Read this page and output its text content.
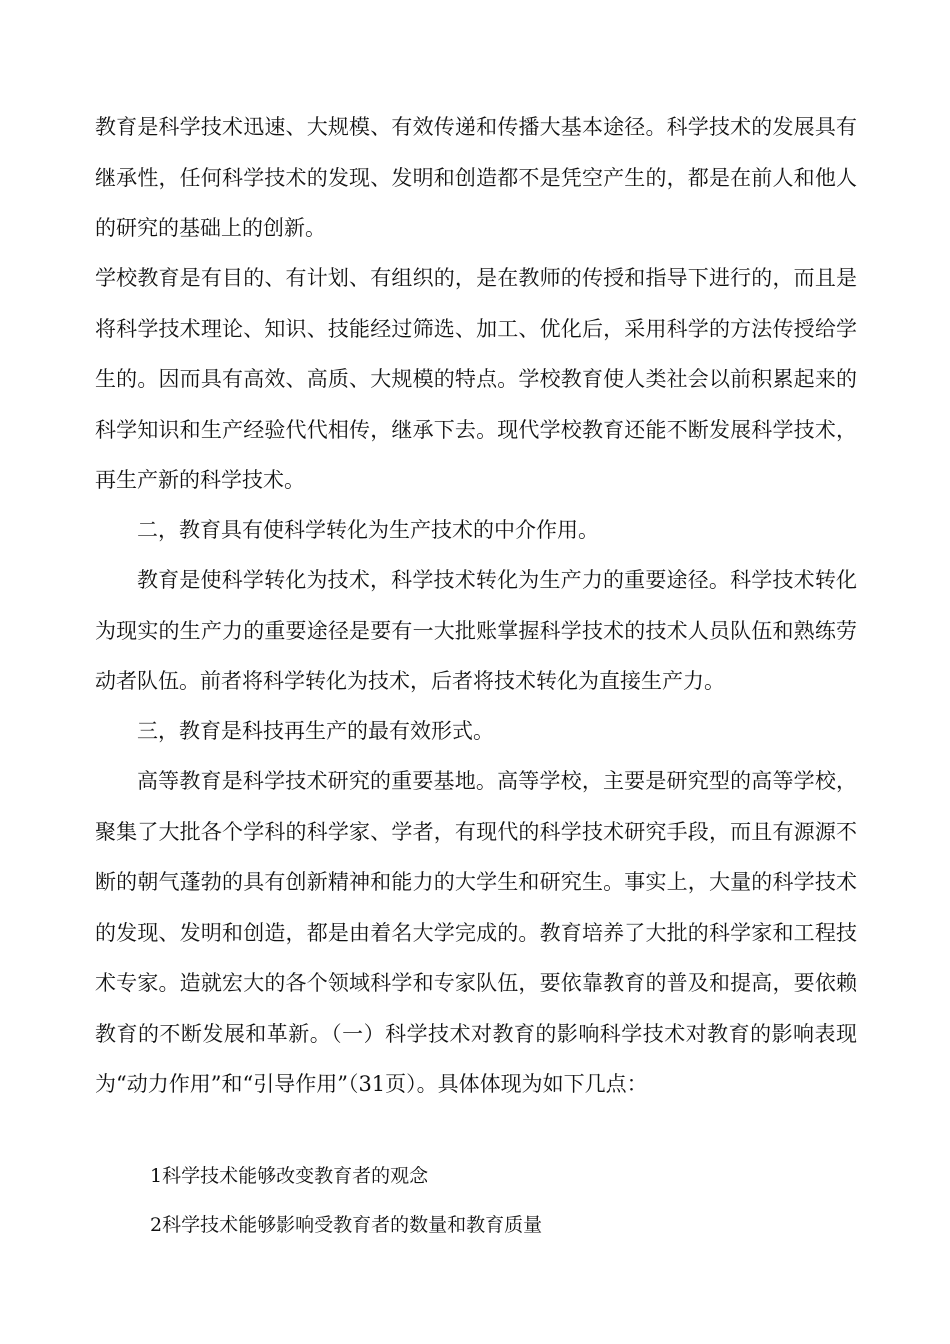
教育是科学技术迅速、大规模、有效传递和传播大基本途径。科学技术的发展具有继承性，任何科学技术的发现、发明和创造都不是凭空产生的，都是在前人和他人的研究的基础上的创新。

学校教育是有目的、有计划、有组织的，是在教师的传授和指导下进行的，而且是将科学技术理论、知识、技能经过筛选、加工、优化后，采用科学的方法传授给学生的。因而具有高效、高质、大规模的特点。学校教育使人类社会以前积累起来的科学知识和生产经验代代相传，继承下去。现代学校教育还能不断发展科学技术，再生产新的科学技术。

二，教育具有使科学转化为生产技术的中介作用。

教育是使科学转化为技术，科学技术转化为生产力的重要途径。科学技术转化为现实的生产力的重要途径是要有一大批账掌握科学技术的技术人员队伍和熟练劳动者队伍。前者将科学转化为技术，后者将技术转化为直接生产力。

三，教育是科技再生产的最有效形式。

高等教育是科学技术研究的重要基地。高等学校，主要是研究型的高等学校，聚集了大批各个学科的科学家、学者，有现代的科学技术研究手段，而且有源源不断的朝气蓬勃的具有创新精神和能力的大学生和研究生。事实上，大量的科学技术的发现、发明和创造，都是由着名大学完成的。教育培养了大批的科学家和工程技术专家。造就宏大的各个领域科学和专家队伍，要依靠教育的普及和提高，要依赖教育的不断发展和革新。（一）科学技术对教育的影响科学技术对教育的影响表现为“动力作用”和“引导作用”（31页）。具体体现为如下几点：

1科学技术能够改变教育者的观念

2科学技术能够影响受教育者的数量和教育质量
